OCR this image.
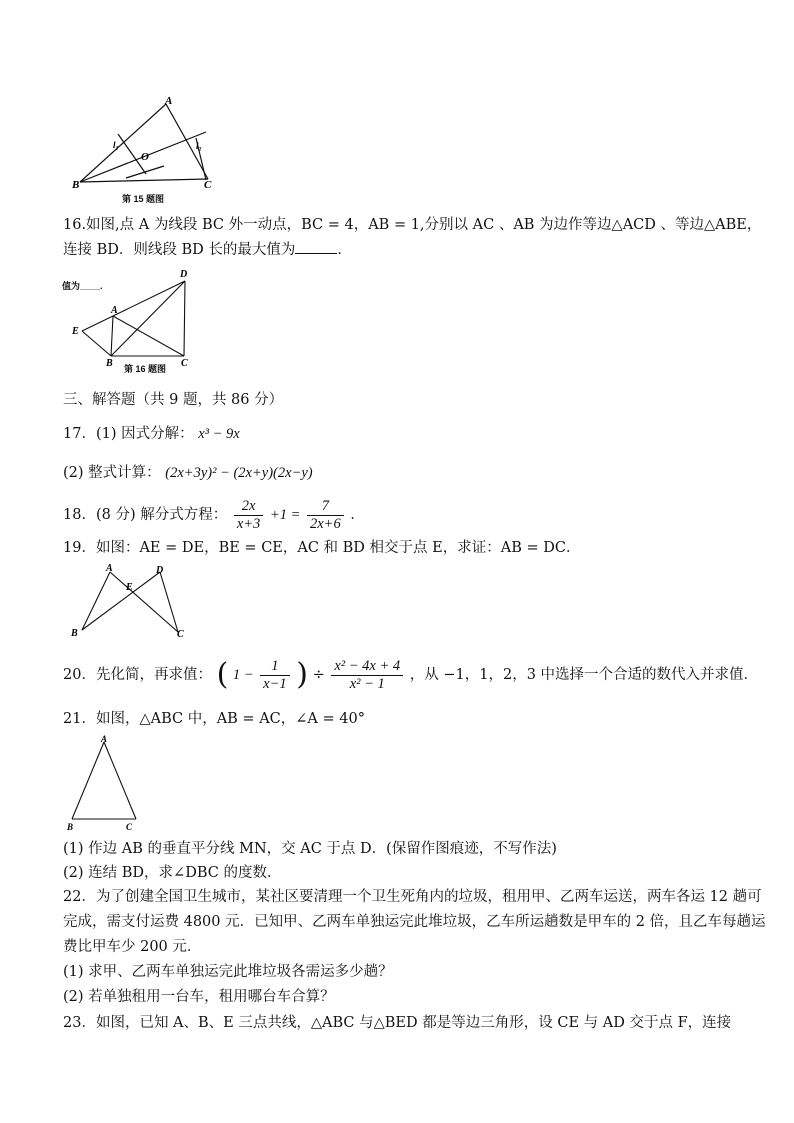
A
B	C
O
l₁	l₂
第 15 题图
16.如图,点 A 为线段 BC 外一动点，BC = 4，AB = 1,分别以 AC 、AB 为边作等边△ACD 、等边△ABE，
连接 BD．则线段 BD 长的最大值为	．
值为____.
D
A
E
B	C
第 16 题图
三、解答题（共 9 题，共 86 分）
17．(1) 因式分解： x³ − 9x
(2) 整式计算： (2x+3y)² − (2x+y)(2x−y)
18．(8 分) 解分式方程： $\frac{2x}{x+3} +1 = \frac{7}{2x+6}$ ．
19．如图：AE = DE，BE = CE，AC 和 BD 相交于点 E，求证：AB = DC．
A	D
E
B	C
20．先化简，再求值： ( $1 - \frac{1}{x-1}$ ) ÷ $\frac{\text{x² − 4x + 4}}{\text{x² − 1}}$ ，从 −1，1，2，3 中选择一个合适的数代入并求值．
21．如图，△ABC 中，AB = AC，∠A = 40°
A
B	C
(1) 作边 AB 的垂直平分线 MN，交 AC 于点 D．(保留作图痕迹，不写作法)
(2) 连结 BD，求∠DBC 的度数．
22．为了创建全国卫生城市，某社区要清理一个卫生死角内的垃圾，租用甲、乙两车运送，两车各运 12 趟可
完成，需支付运费 4800 元．已知甲、乙两车单独运完此堆垃圾，乙车所运趟数是甲车的 2 倍，且乙车每趟运
费比甲车少 200 元．
(1) 求甲、乙两车单独运完此堆垃圾各需运多少趟？
(2) 若单独租用一台车，租用哪台车合算？
23．如图，已知 A、B、E 三点共线，△ABC 与△BED 都是等边三角形，设 CE 与 AD 交于点 F，连接
